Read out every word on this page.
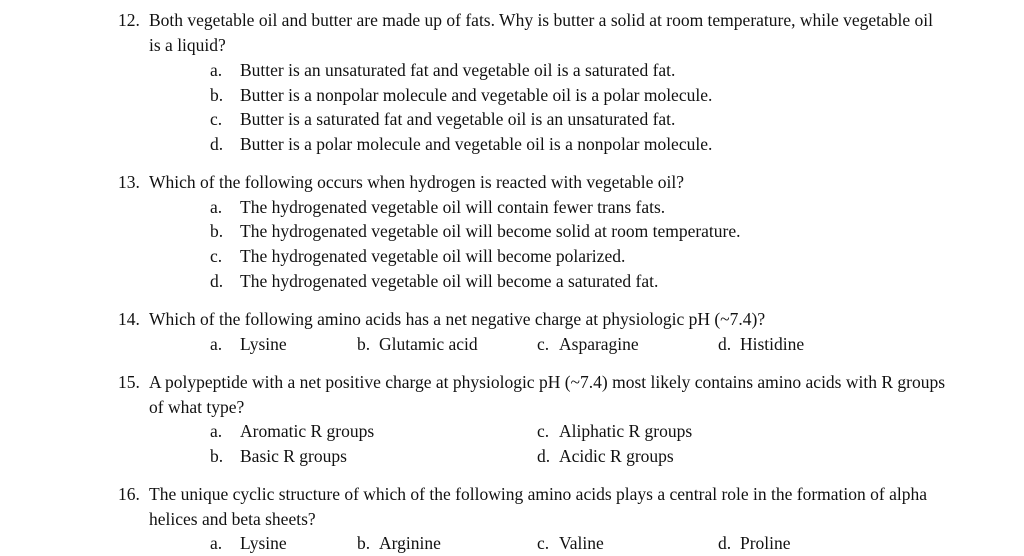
12. Both vegetable oil and butter are made up of fats. Why is butter a solid at room temperature, while vegetable oil is a liquid?
a. Butter is an unsaturated fat and vegetable oil is a saturated fat.
b. Butter is a nonpolar molecule and vegetable oil is a polar molecule.
c. Butter is a saturated fat and vegetable oil is an unsaturated fat.
d. Butter is a polar molecule and vegetable oil is a nonpolar molecule.
13. Which of the following occurs when hydrogen is reacted with vegetable oil?
a. The hydrogenated vegetable oil will contain fewer trans fats.
b. The hydrogenated vegetable oil will become solid at room temperature.
c. The hydrogenated vegetable oil will become polarized.
d. The hydrogenated vegetable oil will become a saturated fat.
14. Which of the following amino acids has a net negative charge at physiologic pH (~7.4)?
a. Lysine	b. Glutamic acid	c. Asparagine	d. Histidine
15. A polypeptide with a net positive charge at physiologic pH (~7.4) most likely contains amino acids with R groups of what type?
a. Aromatic R groups
b. Basic R groups
c. Aliphatic R groups
d. Acidic R groups
16. The unique cyclic structure of which of the following amino acids plays a central role in the formation of alpha helices and beta sheets?
a. Lysine	b. Arginine	c. Valine	d. Proline
